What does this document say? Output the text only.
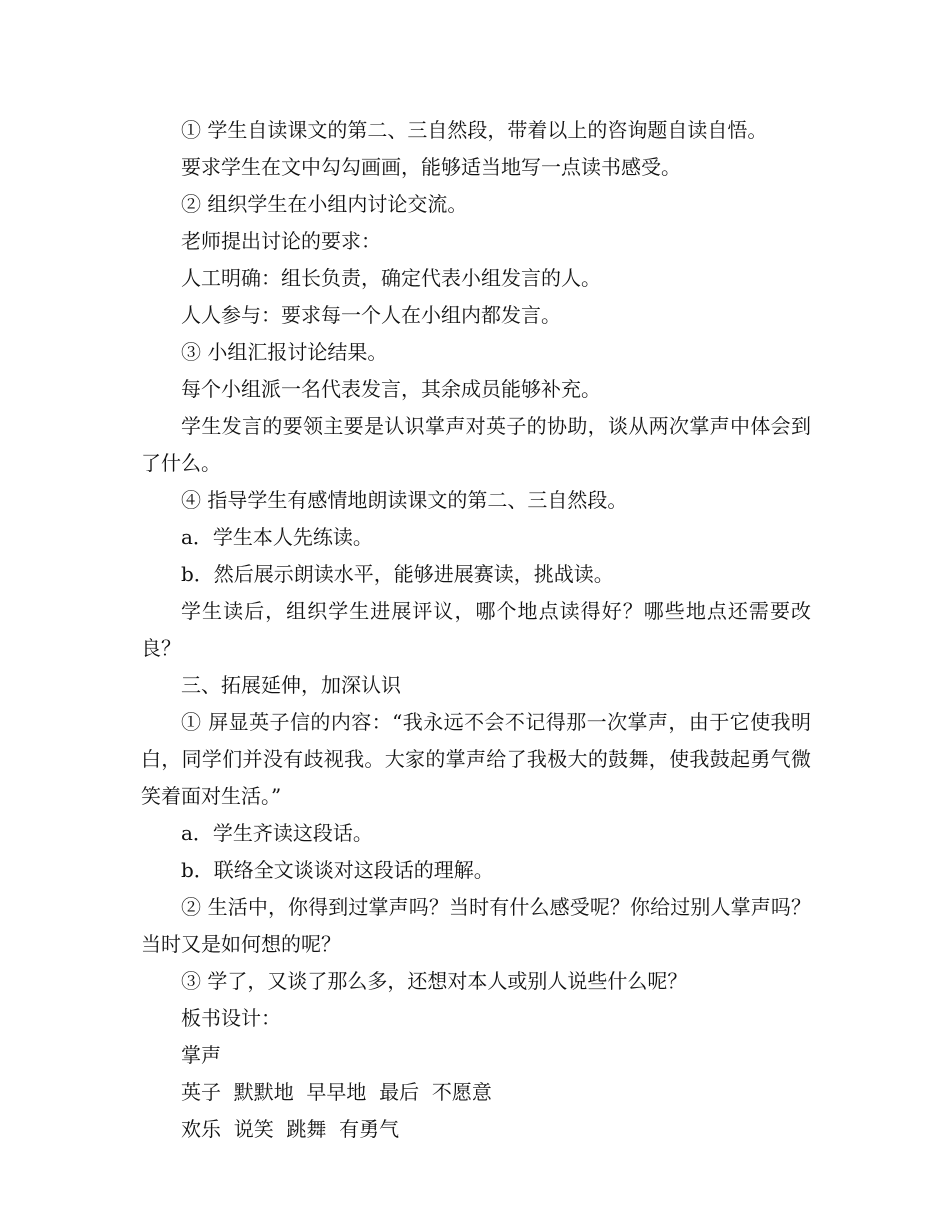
① 学生自读课文的第二、三自然段，带着以上的咨询题自读自悟。

要求学生在文中勾勾画画，能够适当地写一点读书感受。

② 组织学生在小组内讨论交流。

老师提出讨论的要求：

人工明确：组长负责，确定代表小组发言的人。

人人参与：要求每一个人在小组内都发言。

③ 小组汇报讨论结果。

每个小组派一名代表发言，其余成员能够补充。

学生发言的要领主要是认识掌声对英子的协助，谈从两次掌声中体会到了什么。

④ 指导学生有感情地朗读课文的第二、三自然段。

a．学生本人先练读。

b．然后展示朗读水平，能够进展赛读，挑战读。

学生读后，组织学生进展评议，哪个地点读得好？哪些地点还需要改良？

三、拓展延伸，加深认识

① 屏显英子信的内容：“我永远不会不记得那一次掌声，由于它使我明白，同学们并没有歧视我。大家的掌声给了我极大的鼓舞，使我鼓起勇气微笑着面对生活。”

a．学生齐读这段话。

b．联络全文谈谈对这段话的理解。

② 生活中，你得到过掌声吗？当时有什么感受呢？你给过别人掌声吗？当时又是如何想的呢？

③ 学了，又谈了那么多，还想对本人或别人说些什么呢？

板书设计：

掌声

英子  默默地  早早地  最后  不愿意

欢乐  说笑  跳舞  有勇气
